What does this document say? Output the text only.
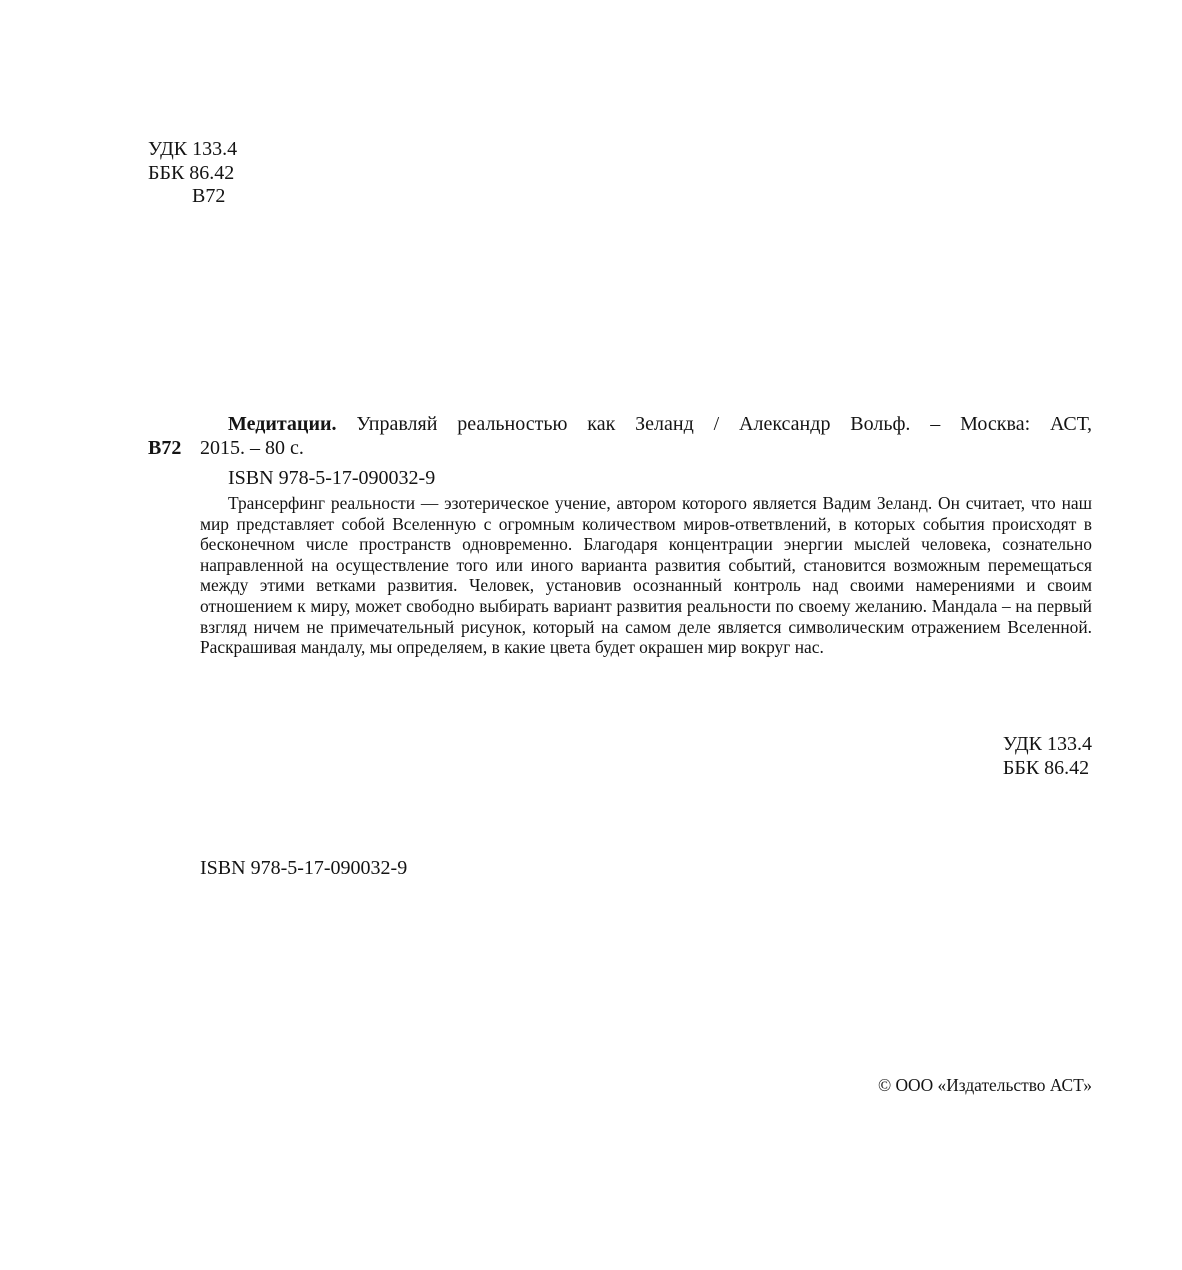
УДК 133.4
ББК 86.42
В72
В72
Медитации. Управляй реальностью как Зеланд / Александр Вольф. – Москва: АСТ,
2015. – 80 с.
ISBN 978-5-17-090032-9
Трансерфинг реальности — эзотерическое учение, автором которого является Вадим Зеланд. Он считает, что наш мир представляет собой Вселенную с огромным количеством миров-ответвлений, в которых события происходят в бесконечном числе пространств одновременно. Благодаря концентрации энергии мыслей человека, сознательно направленной на осуществление того или иного варианта развития событий, становится возможным перемещаться между этими ветками развития. Человек, установив осознанный контроль над своими намерениями и своим отношением к миру, может свободно выбирать вариант развития реальности по своему желанию. Мандала – на первый взгляд ничем не примечательный рисунок, который на самом деле является символическим отражением Вселенной. Раскрашивая мандалу, мы определяем, в какие цвета будет окрашен мир вокруг нас.
УДК 133.4
ББК 86.42
ISBN 978-5-17-090032-9
© ООО «Издательство АСТ»
